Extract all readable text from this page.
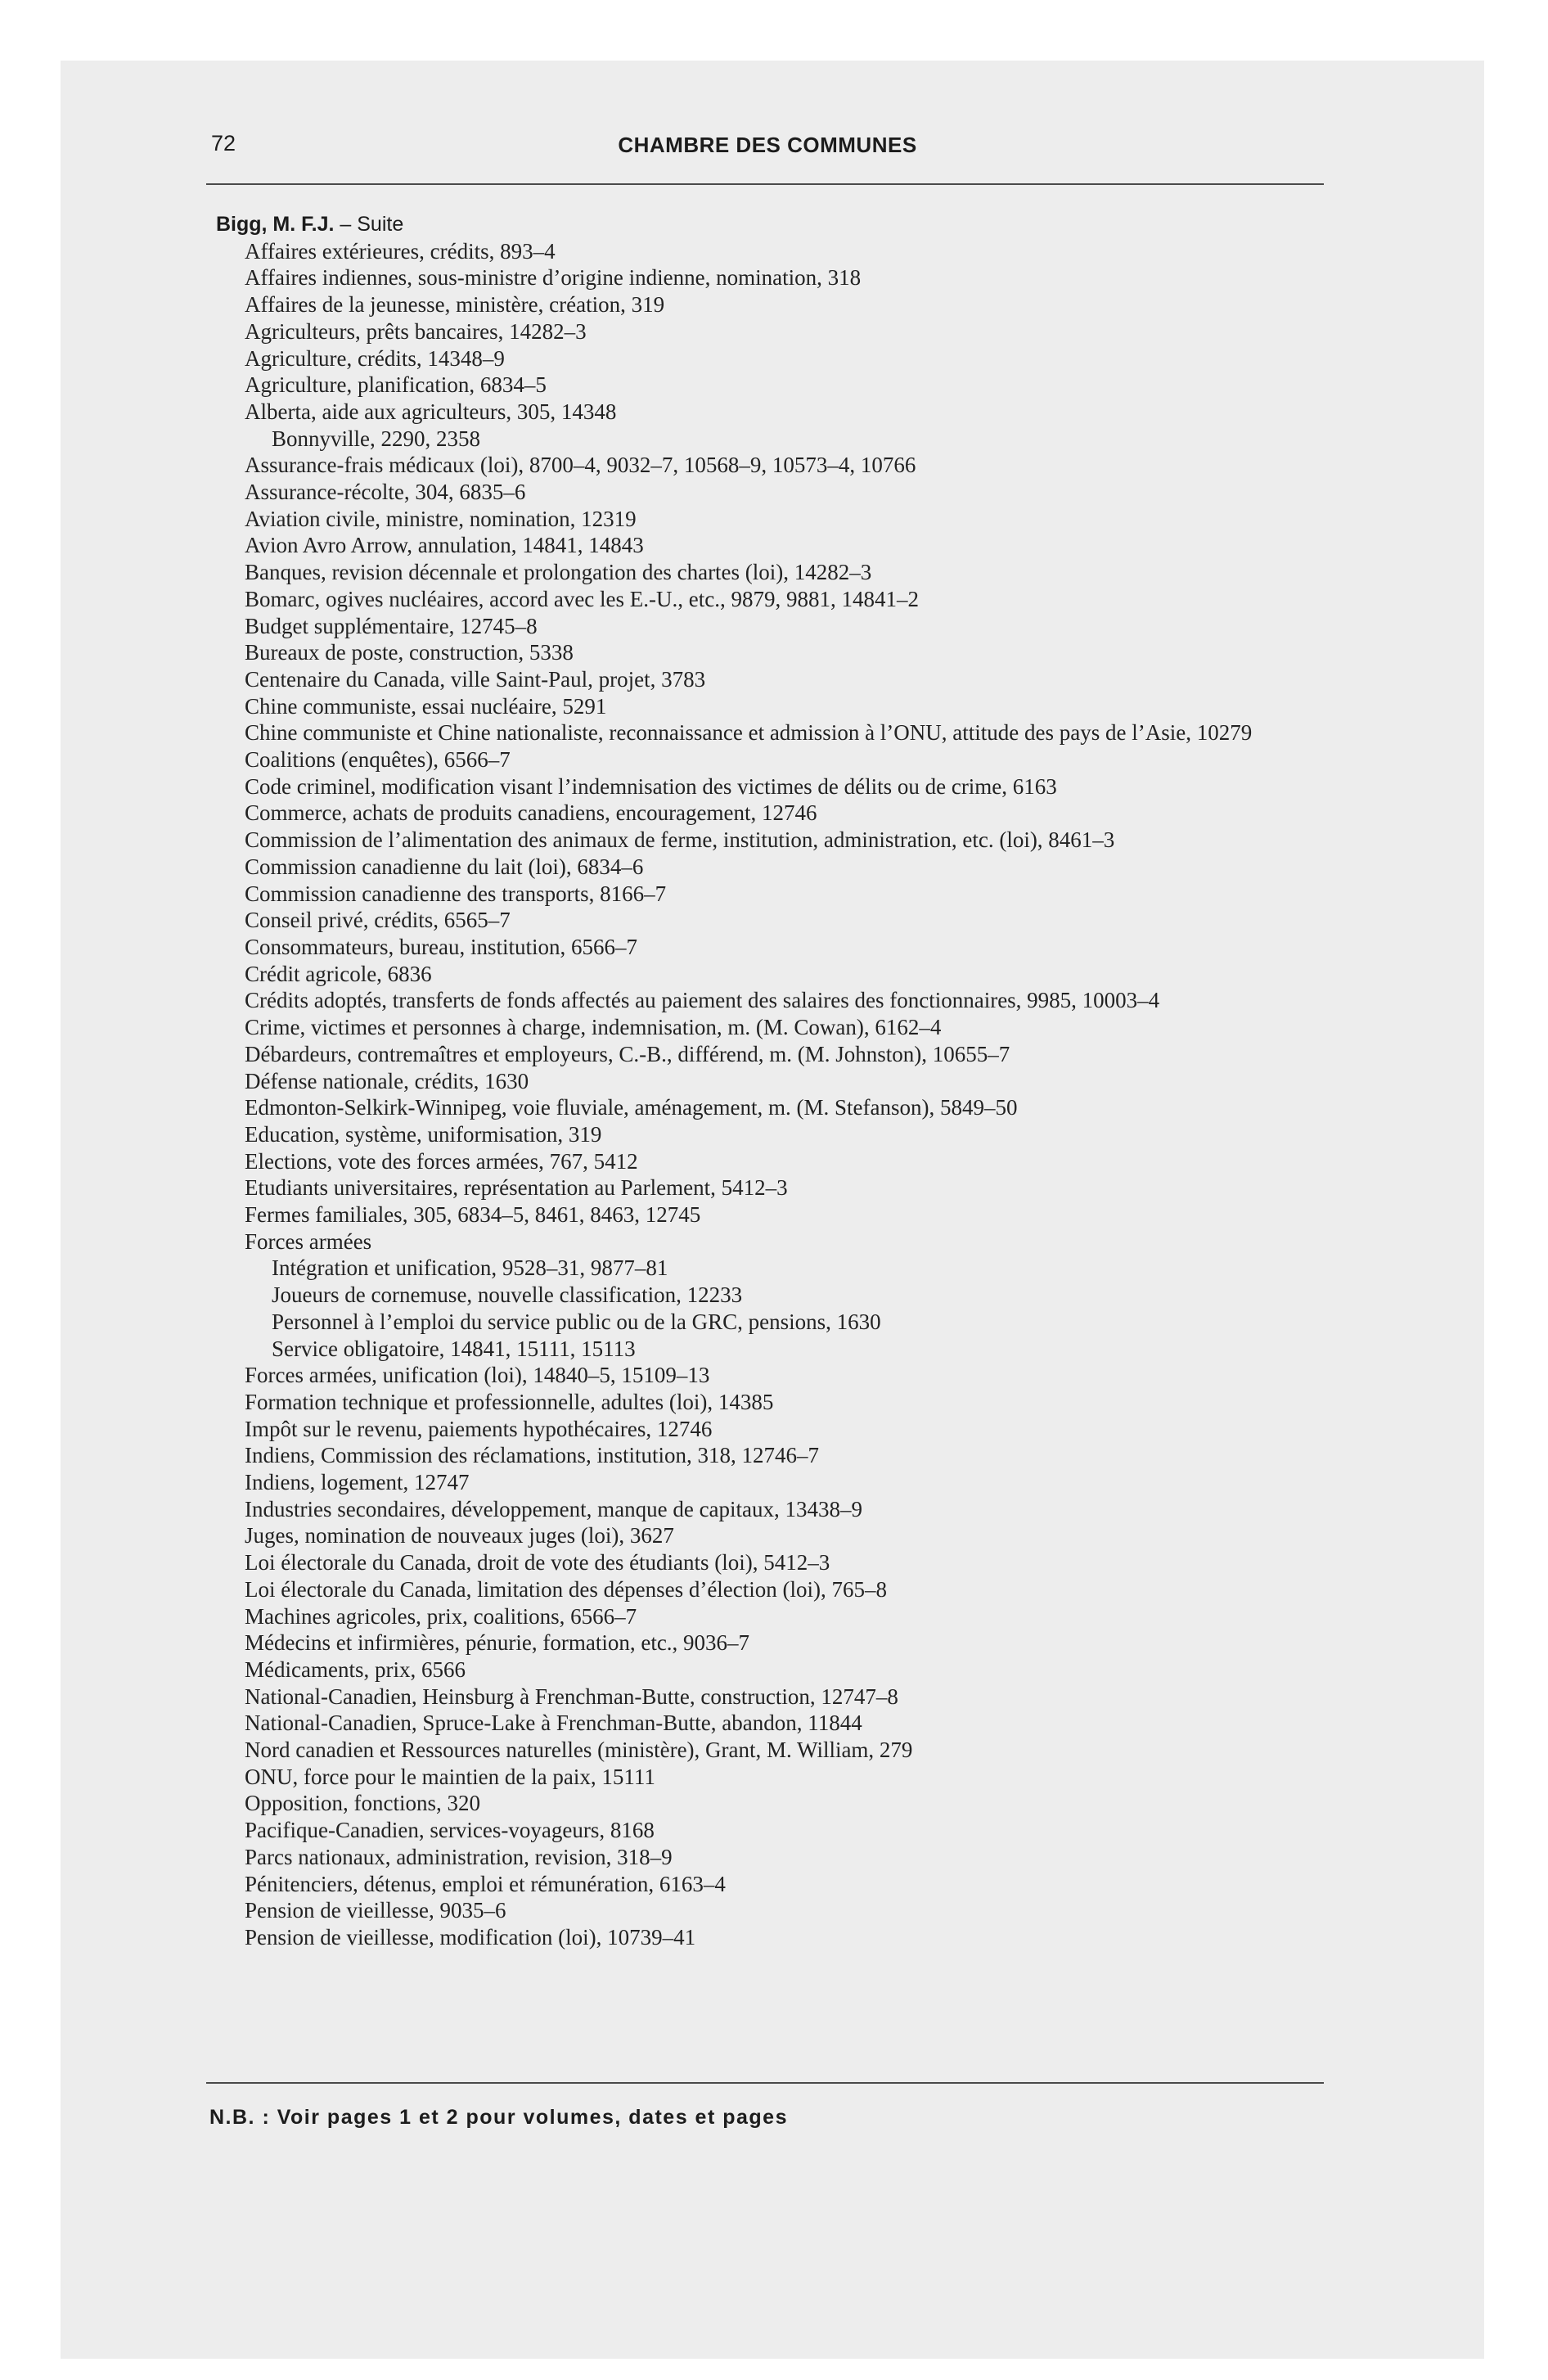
72	CHAMBRE DES COMMUNES

Bigg, M. F.J. – Suite

Affaires extérieures, crédits, 893–4

Affaires indiennes, sous-ministre d’origine indienne, nomination, 318

Affaires de la jeunesse, ministère, création, 319

Agriculteurs, prêts bancaires, 14282–3

Agriculture, crédits, 14348–9

Agriculture, planification, 6834–5

Alberta, aide aux agriculteurs, 305, 14348

Bonnyville, 2290, 2358

Assurance-frais médicaux (loi), 8700–4, 9032–7, 10568–9, 10573–4, 10766

Assurance-récolte, 304, 6835–6

Aviation civile, ministre, nomination, 12319

Avion Avro Arrow, annulation, 14841, 14843

Banques, revision décennale et prolongation des chartes (loi), 14282–3

Bomarc, ogives nucléaires, accord avec les E.-U., etc., 9879, 9881, 14841–2

Budget supplémentaire, 12745–8

Bureaux de poste, construction, 5338

Centenaire du Canada, ville Saint-Paul, projet, 3783

Chine communiste, essai nucléaire, 5291

Chine communiste et Chine nationaliste, reconnaissance et admission à l’ONU, attitude des pays de l’Asie, 10279

Coalitions (enquêtes), 6566–7

Code criminel, modification visant l’indemnisation des victimes de délits ou de crime, 6163

Commerce, achats de produits canadiens, encouragement, 12746

Commission de l’alimentation des animaux de ferme, institution, administration, etc. (loi), 8461–3

Commission canadienne du lait (loi), 6834–6

Commission canadienne des transports, 8166–7

Conseil privé, crédits, 6565–7

Consommateurs, bureau, institution, 6566–7

Crédit agricole, 6836

Crédits adoptés, transferts de fonds affectés au paiement des salaires des fonctionnaires, 9985, 10003–4

Crime, victimes et personnes à charge, indemnisation, m. (M. Cowan), 6162–4

Débardeurs, contremaîtres et employeurs, C.-B., différend, m. (M. Johnston), 10655–7

Défense nationale, crédits, 1630

Edmonton-Selkirk-Winnipeg, voie fluviale, aménagement, m. (M. Stefanson), 5849–50

Education, système, uniformisation, 319

Elections, vote des forces armées, 767, 5412

Etudiants universitaires, représentation au Parlement, 5412–3

Fermes familiales, 305, 6834–5, 8461, 8463, 12745

Forces armées

Intégration et unification, 9528–31, 9877–81

Joueurs de cornemuse, nouvelle classification, 12233

Personnel à l’emploi du service public ou de la GRC, pensions, 1630

Service obligatoire, 14841, 15111, 15113

Forces armées, unification (loi), 14840–5, 15109–13

Formation technique et professionnelle, adultes (loi), 14385

Impôt sur le revenu, paiements hypothécaires, 12746

Indiens, Commission des réclamations, institution, 318, 12746–7

Indiens, logement, 12747

Industries secondaires, développement, manque de capitaux, 13438–9

Juges, nomination de nouveaux juges (loi), 3627

Loi électorale du Canada, droit de vote des étudiants (loi), 5412–3

Loi électorale du Canada, limitation des dépenses d’élection (loi), 765–8

Machines agricoles, prix, coalitions, 6566–7

Médecins et infirmières, pénurie, formation, etc., 9036–7

Médicaments, prix, 6566

National-Canadien, Heinsburg à Frenchman-Butte, construction, 12747–8

National-Canadien, Spruce-Lake à Frenchman-Butte, abandon, 11844

Nord canadien et Ressources naturelles (ministère), Grant, M. William, 279

ONU, force pour le maintien de la paix, 15111

Opposition, fonctions, 320

Pacifique-Canadien, services-voyageurs, 8168

Parcs nationaux, administration, revision, 318–9

Pénitenciers, détenus, emploi et rémunération, 6163–4

Pension de vieillesse, 9035–6

Pension de vieillesse, modification (loi), 10739–41

N.B. : Voir pages 1 et 2 pour volumes, dates et pages
